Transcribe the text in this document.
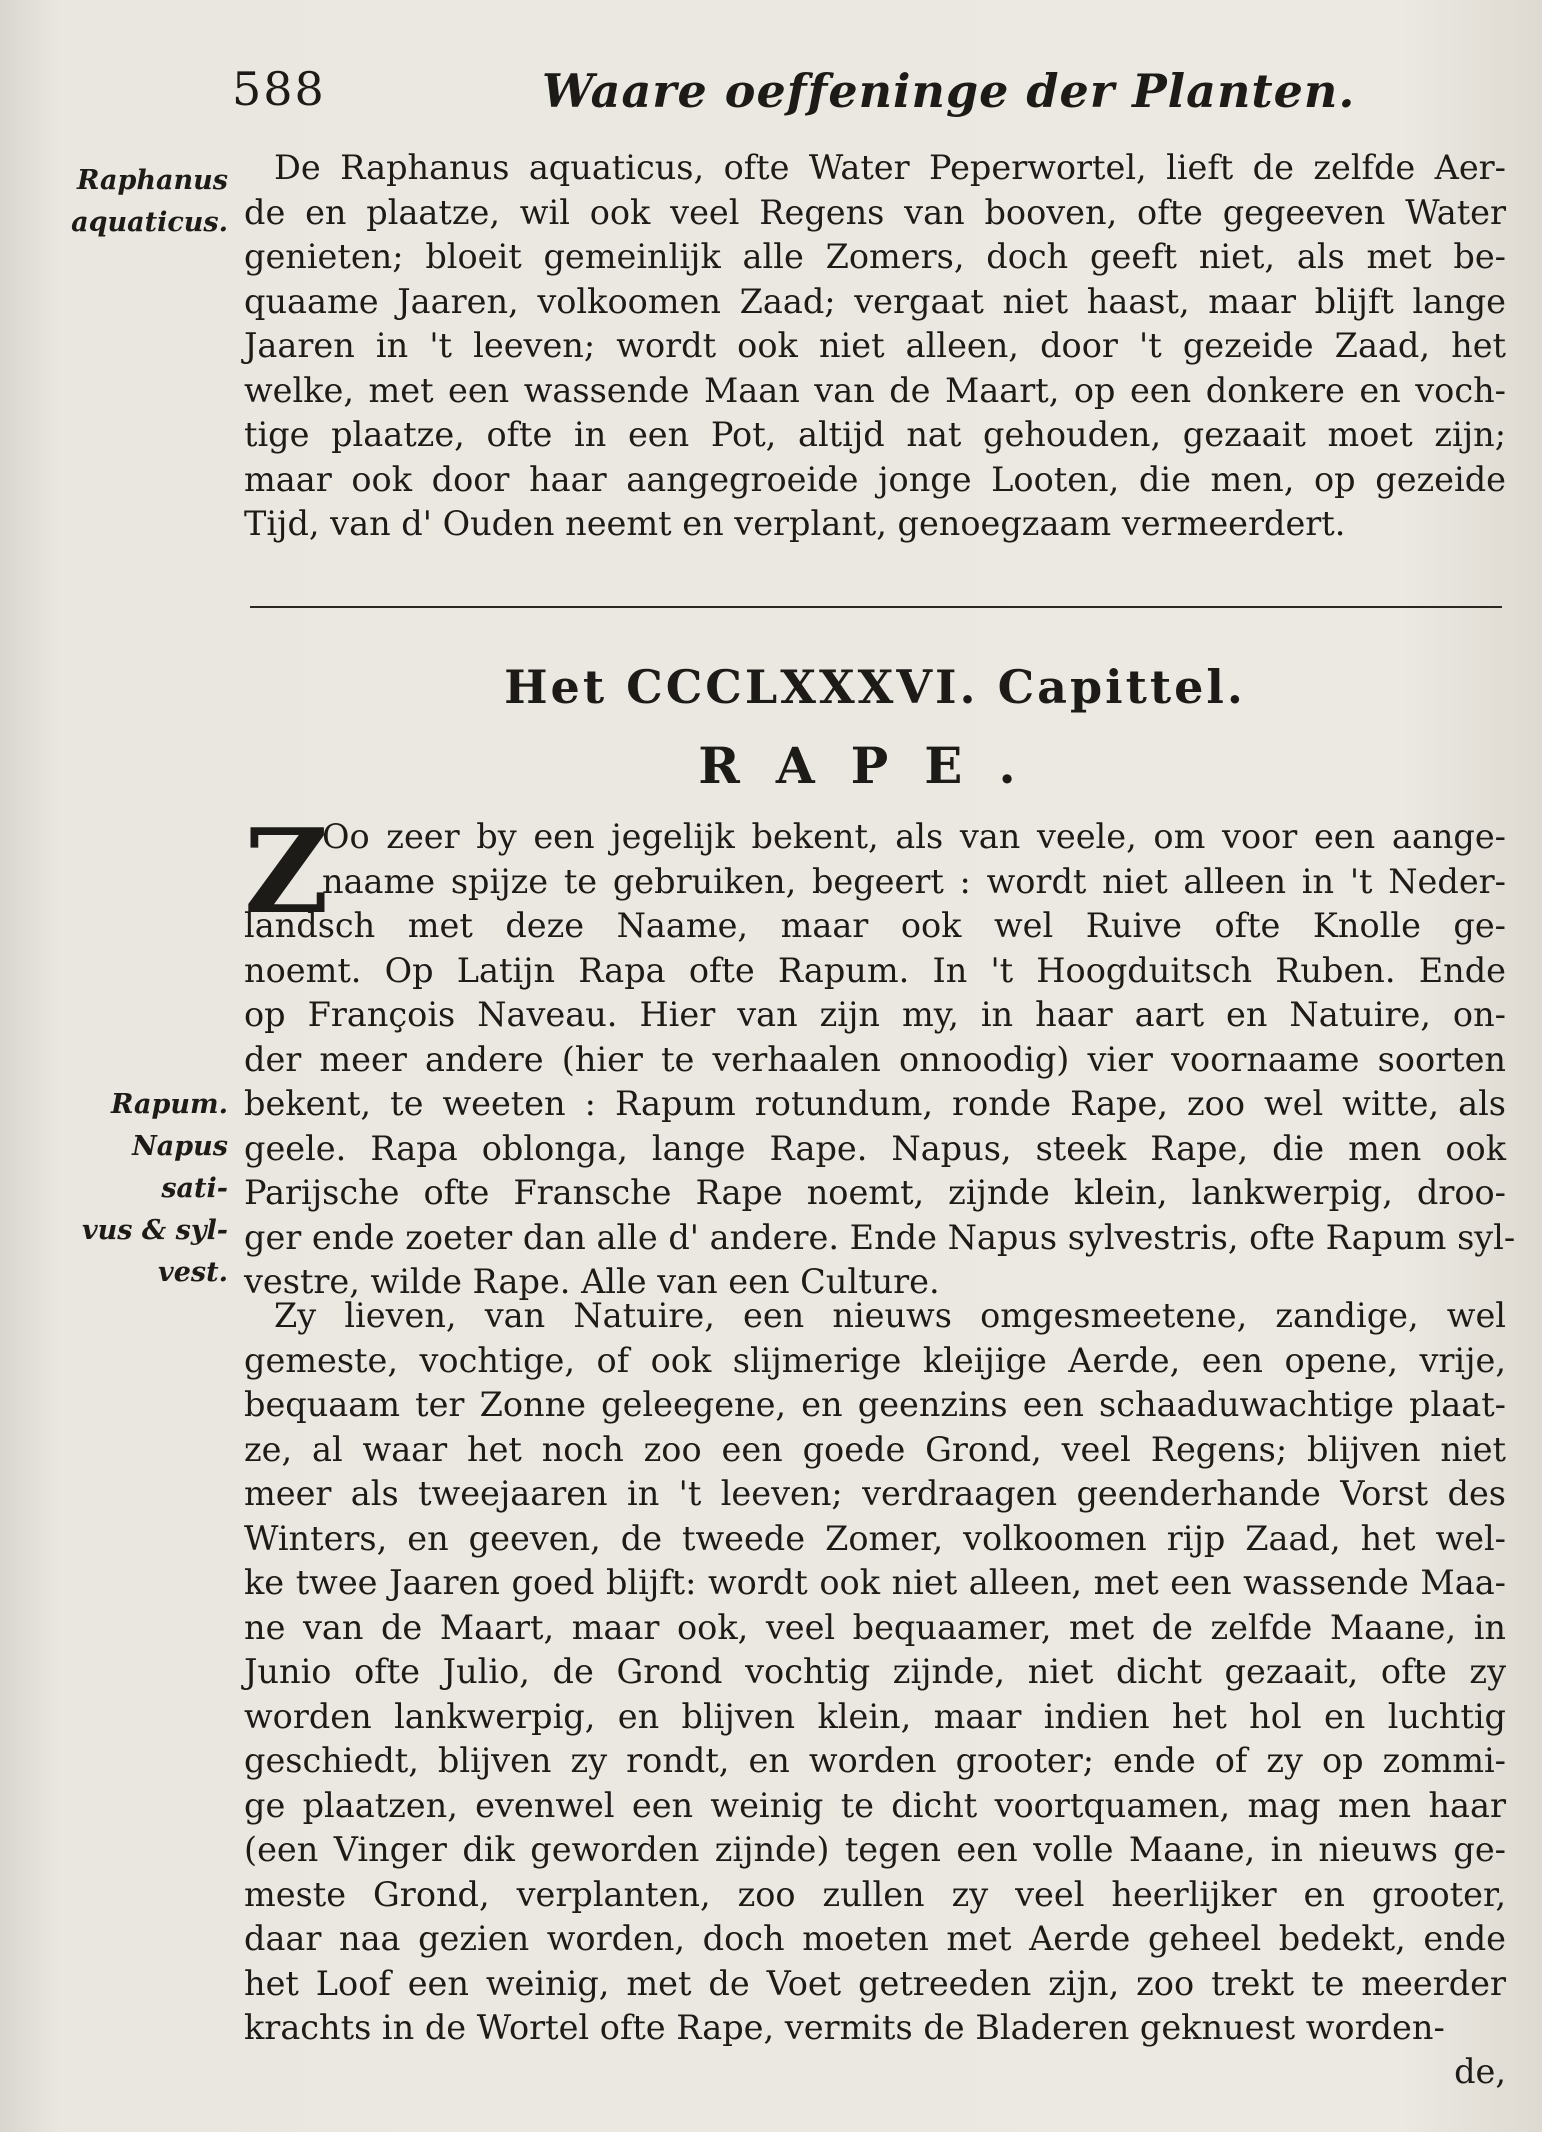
588	Waare oeffeninge der Planten.
Raphanus
aquaticus.
De Raphanus aquaticus, ofte Water Peperwortel, lieft de zelfde Aer-
de en plaatze, wil ook veel Regens van booven, ofte gegeeven Water
genieten; bloeit gemeinlijk alle Zomers, doch geeft niet, als met be-
quaame Jaaren, volkoomen Zaad; vergaat niet haast, maar blijft lange
Jaaren in 't leeven; wordt ook niet alleen, door 't gezeide Zaad, het
welke, met een wassende Maan van de Maart, op een donkere en voch-
tige plaatze, ofte in een Pot, altijd nat gehouden, gezaait moet zijn;
maar ook door haar aangegroeide jonge Looten, die men, op gezeide
Tijd, van d' Ouden neemt en verplant, genoegzaam vermeerdert.
Het CCCLXXXVI. Capittel.
RAPE.
Z
Oo zeer by een jegelijk bekent, als van veele, om voor een aange-
naame spijze te gebruiken, begeert : wordt niet alleen in 't Neder-
landsch met deze Naame, maar ook wel Ruive ofte Knolle ge-
noemt. Op Latijn Rapa ofte Rapum. In 't Hoogduitsch Ruben. Ende
op François Naveau. Hier van zijn my, in haar aart en Natuire, on-
der meer andere (hier te verhaalen onnoodig) vier voornaame soorten
bekent, te weeten : Rapum rotundum, ronde Rape, zoo wel witte, als
geele. Rapa oblonga, lange Rape. Napus, steek Rape, die men ook
Parijsche ofte Fransche Rape noemt, zijnde klein, lankwerpig, droo-
ger ende zoeter dan alle d' andere. Ende Napus sylvestris, ofte Rapum syl-
vestre, wilde Rape. Alle van een Culture.
Rapum.
Napus sati-
vus & syl-
vest.
Zy lieven, van Natuire, een nieuws omgesmeetene, zandige, wel
gemeste, vochtige, of ook slijmerige kleijige Aerde, een opene, vrije,
bequaam ter Zonne geleegene, en geenzins een schaaduwachtige plaat-
ze, al waar het noch zoo een goede Grond, veel Regens; blijven niet
meer als tweejaaren in 't leeven; verdraagen geenderhande Vorst des
Winters, en geeven, de tweede Zomer, volkoomen rijp Zaad, het wel-
ke twee Jaaren goed blijft: wordt ook niet alleen, met een wassende Maa-
ne van de Maart, maar ook, veel bequaamer, met de zelfde Maane, in
Junio ofte Julio, de Grond vochtig zijnde, niet dicht gezaait, ofte zy
worden lankwerpig, en blijven klein, maar indien het hol en luchtig
geschiedt, blijven zy rondt, en worden grooter; ende of zy op zommi-
ge plaatzen, evenwel een weinig te dicht voortquamen, mag men haar
(een Vinger dik geworden zijnde) tegen een volle Maane, in nieuws ge-
meste Grond, verplanten, zoo zullen zy veel heerlijker en grooter,
daar naa gezien worden, doch moeten met Aerde geheel bedekt, ende
het Loof een weinig, met de Voet getreeden zijn, zoo trekt te meerder
krachts in de Wortel ofte Rape, vermits de Bladeren geknuest worden-
de,
